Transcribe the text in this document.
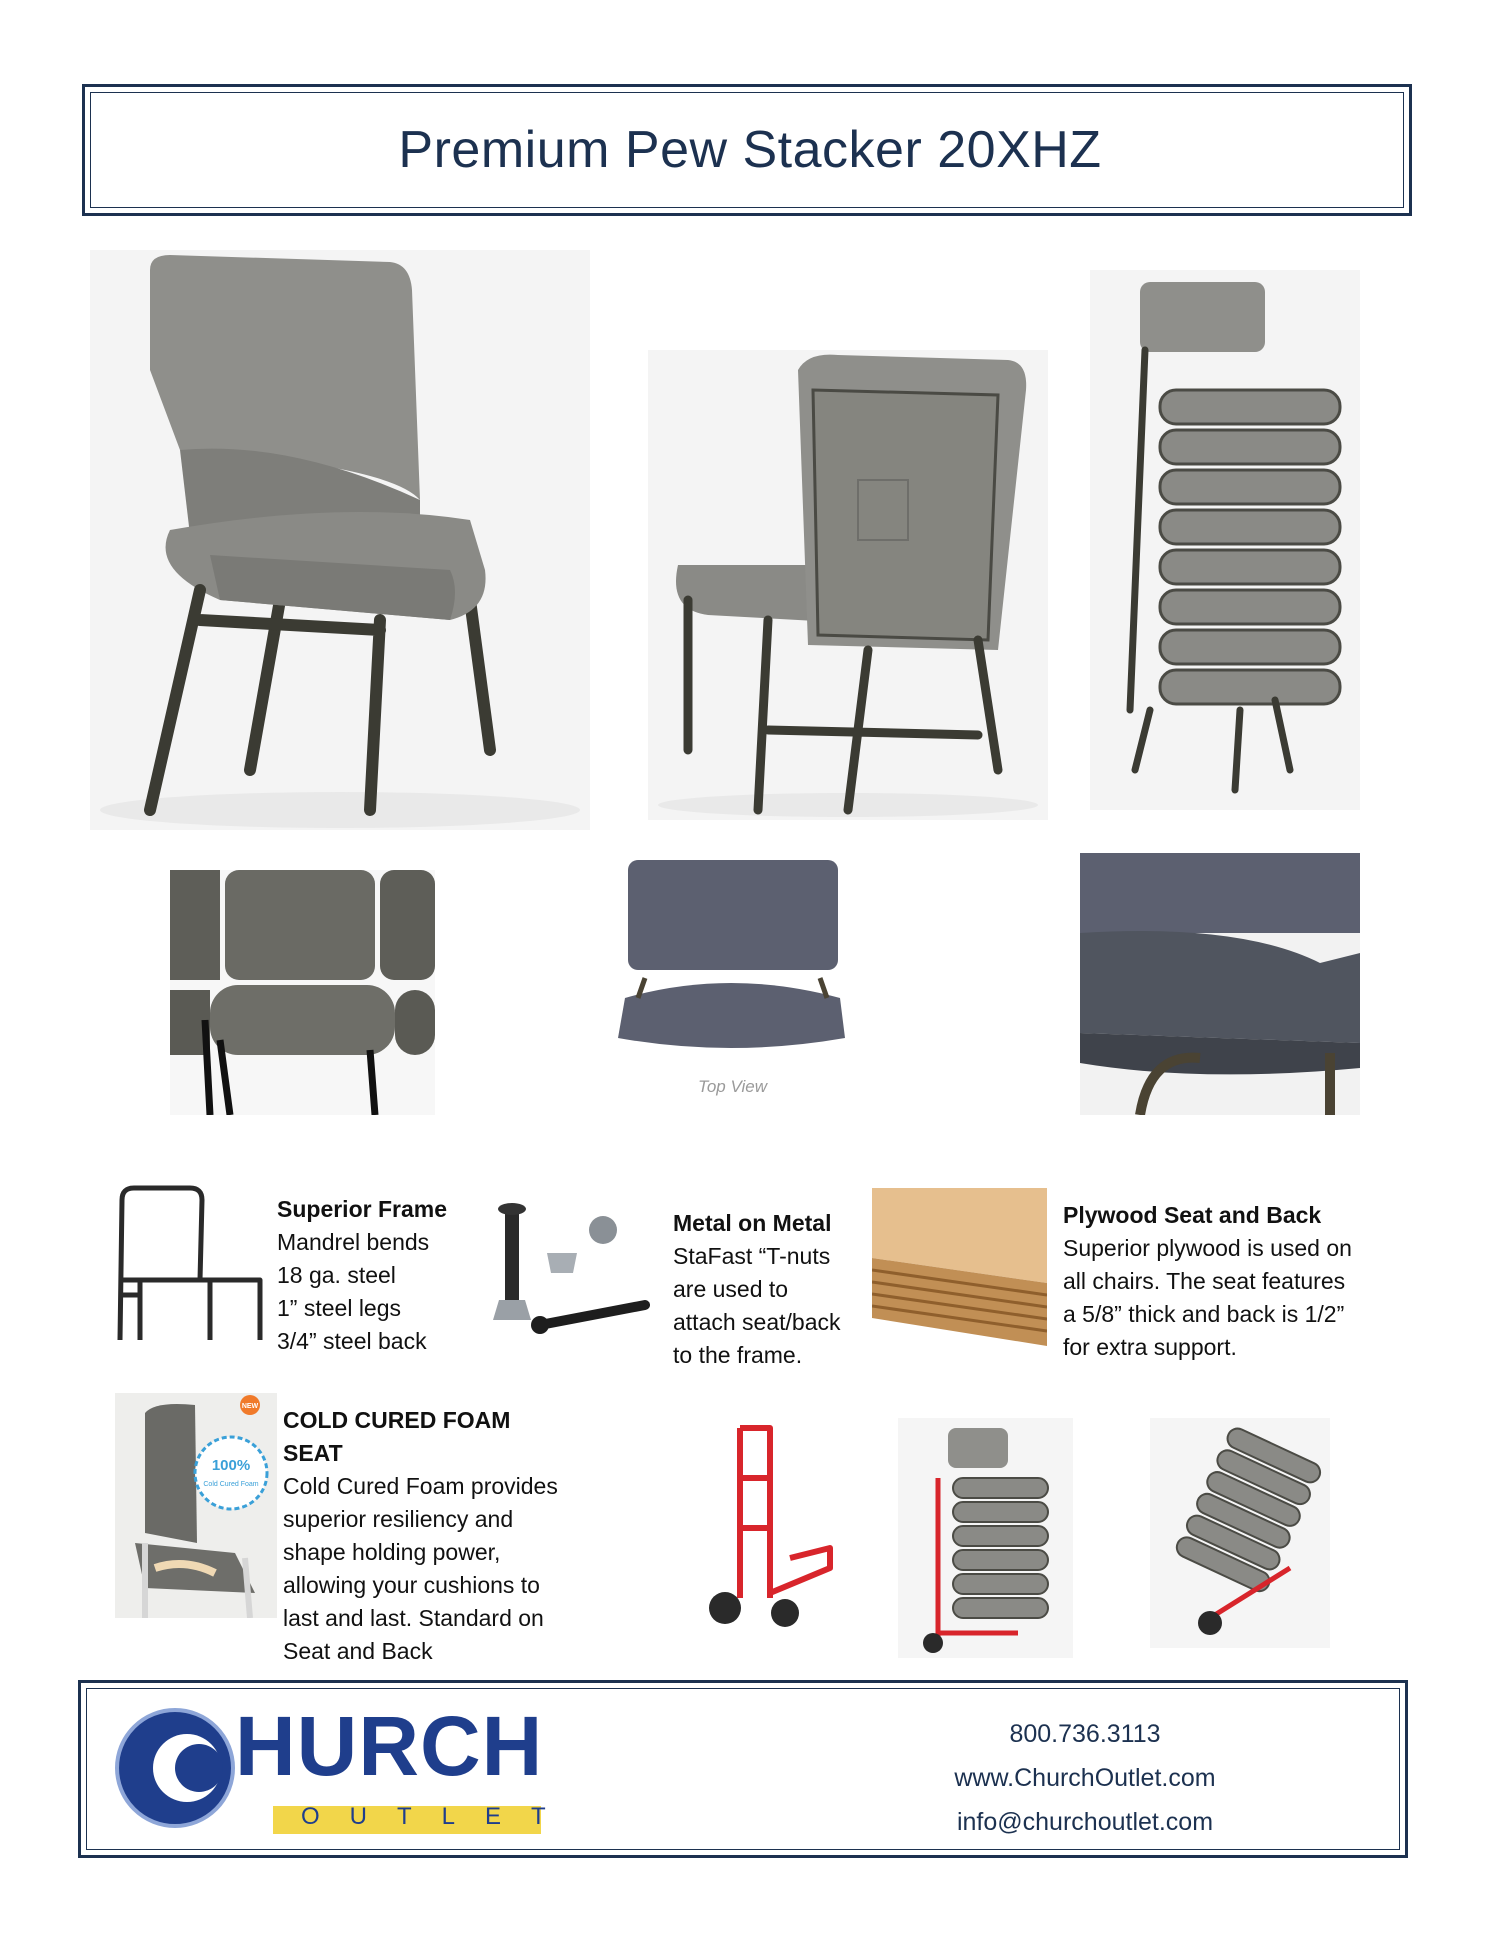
Premium Pew Stacker 20XHZ
Top View
Superior Frame
Mandrel bends
18 ga. steel
1” steel legs
3/4” steel back
Metal on Metal
StaFast “T-nuts
are used to
attach seat/back
to the frame.
Plywood Seat and Back
Superior plywood is used on
all chairs. The seat features
a 5/8” thick and back is 1/2”
for extra support.
100%
Cold Cured Foam
NEW
COLD CURED FOAM SEAT
Cold Cured Foam provides
superior resiliency and
shape holding power,
allowing your cushions to
last and last. Standard on
Seat and Back
HURCH
OUTLET
800.736.3113
www.ChurchOutlet.com
info@churchoutlet.com
